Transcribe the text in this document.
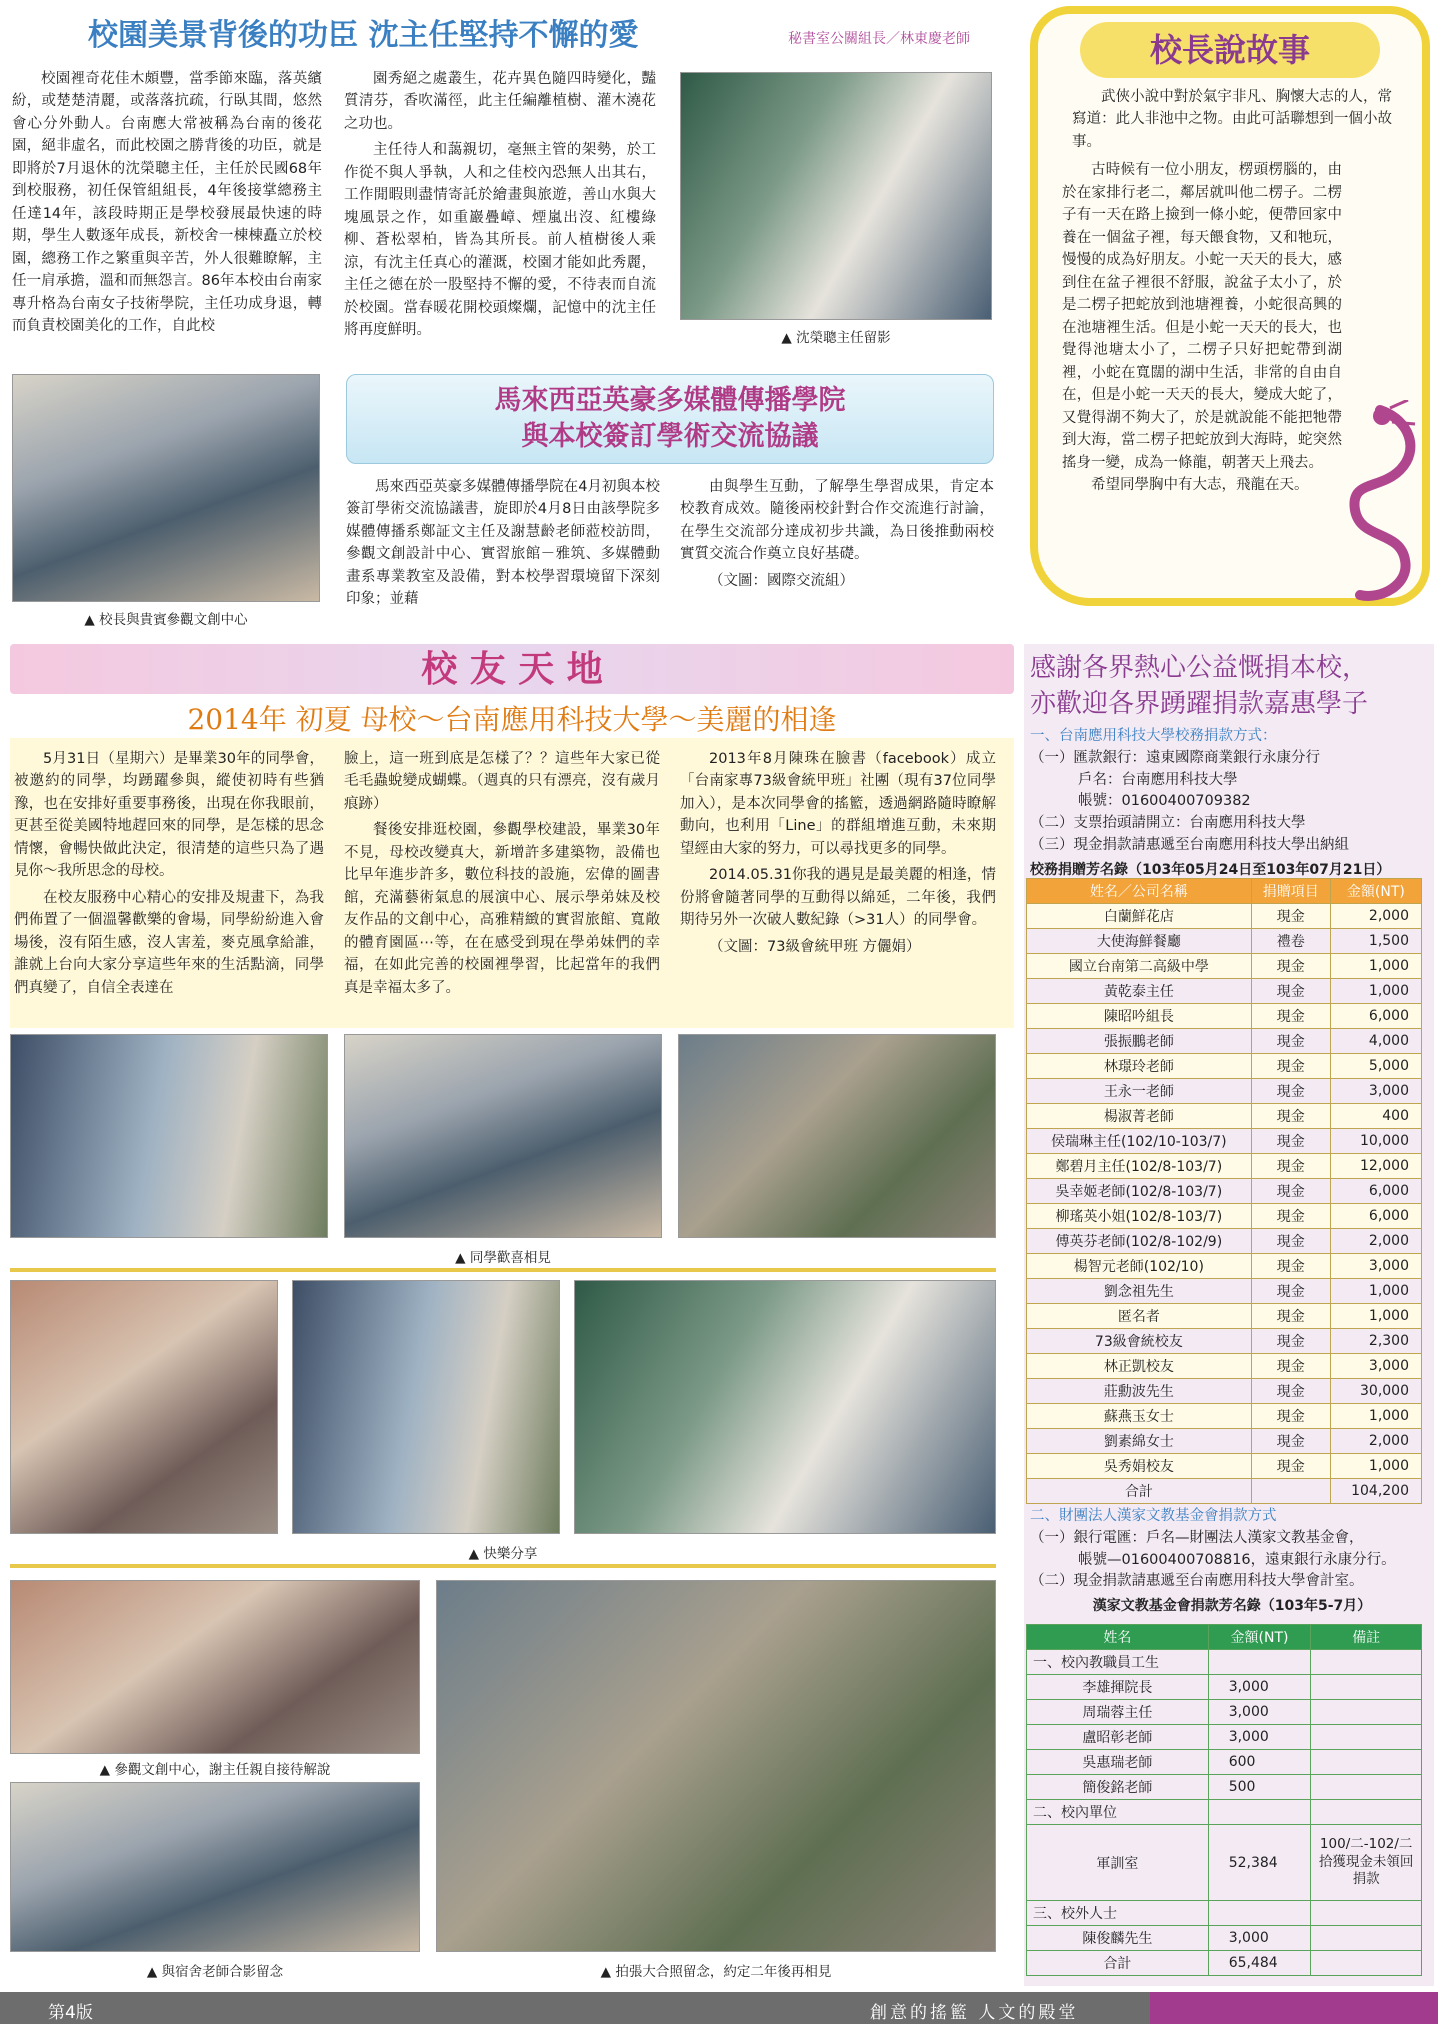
校園美景背後的功臣 沈主任堅持不懈的愛	秘書室公關組長／林東慶老師

校園裡奇花佳木頗豐，當季節來臨，落英繽紛，或楚楚清麗，或落落抗疏，行臥其間，悠然會心分外動人。台南應大常被稱為台南的後花園，絕非虛名，而此校園之勝背後的功臣，就是即將於7月退休的沈榮聰主任，主任於民國68年到校服務，初任保管組組長，4年後接掌總務主任達14年，該段時期正是學校發展最快速的時期，學生人數逐年成長，新校舍一棟棟矗立於校園，總務工作之繁重與辛苦，外人很難瞭解，主任一肩承擔，溫和而無怨言。86年本校由台南家專升格為台南女子技術學院，主任功成身退，轉而負責校園美化的工作，自此校

園秀絕之處叢生，花卉異色隨四時變化，豔質清芬，香吹滿徑，此主任編離植樹、灌木澆花之功也。

主任待人和藹親切，毫無主管的架勢，於工作從不與人爭執，人和之佳校內恐無人出其右，工作閒暇則盡情寄託於繪畫與旅遊，善山水與大塊風景之作，如重巖疊嶂、煙嵐出沒、紅樓綠柳、蒼松翠柏，皆為其所長。前人植樹後人乘涼，有沈主任真心的灌溉，校園才能如此秀麗，主任之德在於一股堅持不懈的愛，不待表而自流於校園。當春暖花開校頭燦爛，記憶中的沈主任將再度鮮明。	▲ 沈榮聰主任留影
▲ 校長與貴賓參觀文創中心
馬來西亞英豪多媒體傳播學院
與本校簽訂學術交流協議

馬來西亞英豪多媒體傳播學院在4月初與本校簽訂學術交流協議書，旋即於4月8日由該學院多媒體傳播系鄭証文主任及謝慧齡老師蒞校訪問，參觀文創設計中心、實習旅館－雅筑、多媒體動畫系專業教室及設備，對本校學習環境留下深刻印象；並藉

由與學生互動，了解學生學習成果，肯定本校教育成效。隨後兩校針對合作交流進行討論，在學生交流部分達成初步共識，為日後推動兩校實質交流合作奠立良好基礎。

（文圖：國際交流組）

校長說故事

武俠小說中對於氣宇非凡、胸懷大志的人，常寫道：此人非池中之物。由此可話聯想到一個小故事。

古時候有一位小朋友，楞頭楞腦的，由於在家排行老二，鄰居就叫他二楞子。二楞子有一天在路上撿到一條小蛇，便帶回家中養在一個盆子裡，每天餵食物，又和牠玩，慢慢的成為好朋友。小蛇一天天的長大，感到住在盆子裡很不舒服，說盆子太小了，於是二楞子把蛇放到池塘裡養，小蛇很高興的在池塘裡生活。但是小蛇一天天的長大，也覺得池塘太小了，二楞子只好把蛇帶到湖裡，小蛇在寬闊的湖中生活，非常的自由自在，但是小蛇一天天的長大，變成大蛇了，又覺得湖不夠大了，於是就說能不能把牠帶到大海，當二楞子把蛇放到大海時，蛇突然搖身一變，成為一條龍，朝著天上飛去。

希望同學胸中有大志，飛龍在天。

校 友 天 地
2014年 初夏 母校～台南應用科技大學～美麗的相逢

5月31日（星期六）是畢業30年的同學會，被邀約的同學，均踴躍參與，縱使初時有些猶豫，也在安排好重要事務後，出現在你我眼前，更甚至從美國特地趕回來的同學，是怎樣的思念情懷，會暢快做此決定，很清楚的這些只為了遇見你～我所思念的母校。

在校友服務中心精心的安排及規畫下，為我們佈置了一個溫馨歡樂的會場，同學紛紛進入會場後，沒有陌生感，沒人害羞，麥克風拿給誰，誰就上台向大家分享這些年來的生活點滴，同學們真變了，自信全表達在

臉上，這一班到底是怎樣了？？這些年大家已從毛毛蟲蛻變成蝴蝶。（週真的只有漂亮，沒有歲月痕跡）

餐後安排逛校園，參觀學校建設，畢業30年不見，母校改變真大，新增許多建築物，設備也比早年進步許多，數位科技的設施，宏偉的圖書館，充滿藝術氣息的展演中心、展示學弟妹及校友作品的文創中心，高雅精緻的實習旅館、寬敞的體育園區⋯等，在在感受到現在學弟妹們的幸福，在如此完善的校園裡學習，比起當年的我們真是幸福太多了。

2013年8月陳珠在臉書（facebook）成立「台南家專73級會統甲班」社團（現有37位同學加入），是本次同學會的搖籃，透過網路隨時瞭解動向，也利用「Line」的群組增進互動，未來期望經由大家的努力，可以尋找更多的同學。

2014.05.31你我的遇見是最美麗的相逢，情份將會隨著同學的互動得以綿延，二年後，我們期待另外一次破人數紀錄（>31人）的同學會。

（文圖：73級會統甲班 方儷娟）

▲ 同學歡喜相見
▲ 快樂分享
▲ 參觀文創中心，謝主任親自接待解說
▲ 與宿舍老師合影留念	▲ 拍張大合照留念，約定二年後再相見
感謝各界熱心公益慨捐本校，
亦歡迎各界踴躍捐款嘉惠學子
一、台南應用科技大學校務捐款方式：
（一）匯款銀行：遠東國際商業銀行永康分行
戶名：台南應用科技大學
帳號：01600400709382
（二）支票抬頭請開立：台南應用科技大學
（三）現金捐款請惠遞至台南應用科技大學出納組
校務捐贈芳名錄（103年05月24日至103年07月21日）
姓名／公司名稱	捐贈項目	金額(NT)
白蘭鮮花店	現金	2,000
大使海鮮餐廳	禮卷	1,500
國立台南第二高級中學	現金	1,000
黃乾泰主任	現金	1,000
陳昭吟組長	現金	6,000
張振鵬老師	現金	4,000
林璟玲老師	現金	5,000
王永一老師	現金	3,000
楊淑菁老師	現金	400
侯瑞琳主任(102/10-103/7)	現金	10,000
鄭碧月主任(102/8-103/7)	現金	12,000
吳幸姬老師(102/8-103/7)	現金	6,000
柳瑤英小姐(102/8-103/7)	現金	6,000
傅英芬老師(102/8-102/9)	現金	2,000
楊智元老師(102/10)	現金	3,000
劉念祖先生	現金	1,000
匿名者	現金	1,000
73級會統校友	現金	2,300
林正凱校友	現金	3,000
莊勳波先生	現金	30,000
蘇燕玉女士	現金	1,000
劉素綿女士	現金	2,000
吳秀娟校友	現金	1,000
合計		104,200
二、財團法人漢家文教基金會捐款方式
（一）銀行電匯：戶名—財團法人漢家文教基金會，
帳號—01600400708816，遠東銀行永康分行。
（二）現金捐款請惠遞至台南應用科技大學會計室。
漢家文教基金會捐款芳名錄（103年5-7月）
姓名	金額(NT)	備註
一、校內教職員工生		
李雄揮院長	3,000	
周瑞蓉主任	3,000	
盧昭彰老師	3,000	
吳惠瑞老師	600	
簡俊銘老師	500	
二、校內單位		
軍訓室	52,384	100/二-102/二拾獲現金未領回捐款
三、校外人士		
陳俊麟先生	3,000	
合計	65,484	
第4版	創意的搖籃 人文的殿堂
